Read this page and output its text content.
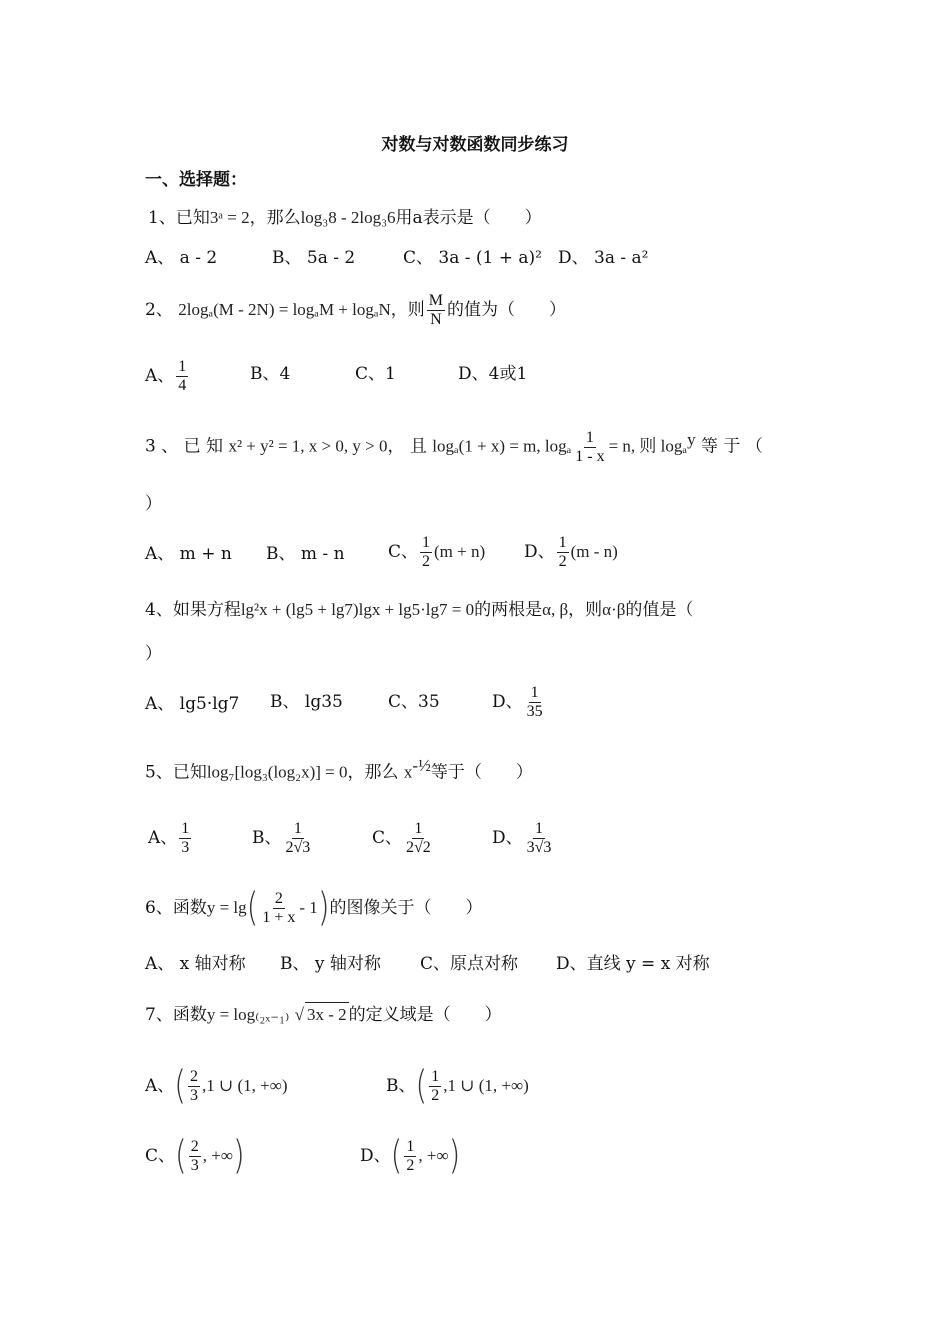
对数与对数函数同步练习
一、选择题：
1、已知3ᵃ = 2，那么log₃8 - 2log₃6用a表示是（　　）
A、 a - 2	B、 5a - 2	C、 3a - (1 + a)² D、 3a - a²
2、 2logₐ(M - 2N) = logₐM + logₐN，则 $\frac{M}{N}$ 的值为（　　）
A、 $\frac{1}{4}$	B、4	C、1	D、4或1
3 、 已 知 x² + y² = 1, x > 0, y > 0， 且 logₐ(1 + x) = m, logₐ $\frac{1}{1 - x} = n$, 则 logₐ$^y$ 等 于 （
）
A、 m + n B、 m - n	C、 $\frac{1}{2} (m + n)$ D、 $\frac{1}{2} (m - n)$
4、如果方程lg²x + (lg5 + lg7)lgx + lg5·lg7 = 0的两根是α, β，则α·β的值是（
）
A、 lg5·lg7 B、 lg35	C、35	D、 $\frac{1}{35}$
5、已知log₇[log₃(log₂x)] = 0，那么 $x^{-\frac{1}{2}}$等于（　　）
A、 $\frac{1}{3}$	B、 $\frac{1}{2√3}$	C、 $\frac{1}{2√2}$	D、 $\frac{1}{3√3}$
6、函数$y = \lg( \frac{2}{1 + x} - 1)$的图像关于（　　）
A、 x 轴对称 B、 y 轴对称 C、原点对称 D、直线 y = x 对称
7、函数y = log₍₂ₓ₋₁₎ √ 3x - 2 的定义域是（　　）
A、( $\frac{2}{3} ,1$ ∪ (1, +∞)	B、( $\frac{1}{2} ,1$ ∪ (1, +∞)
C、( $\frac{2}{3}$ , +∞)	D、( $\frac{1}{2}$ , +∞)
